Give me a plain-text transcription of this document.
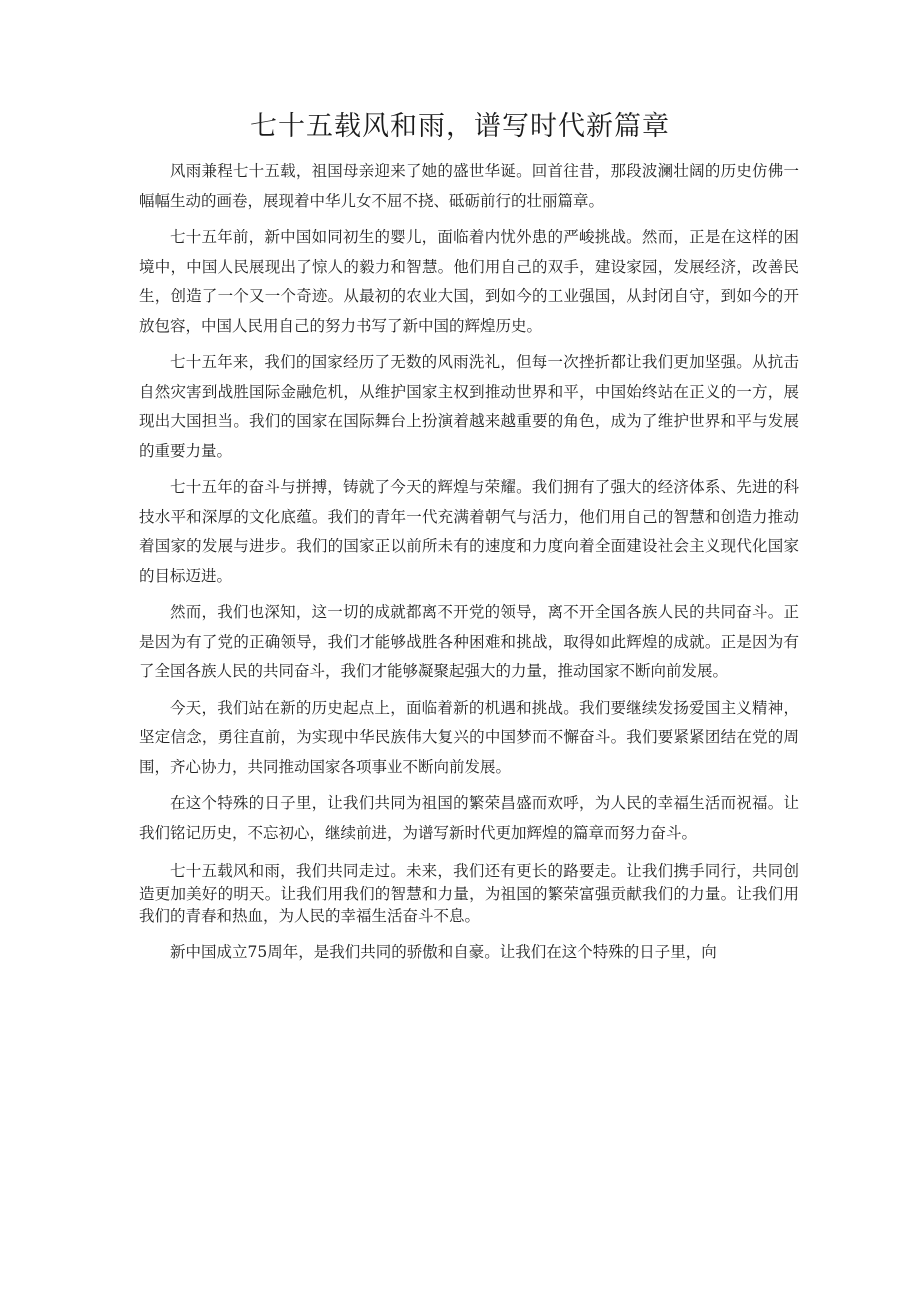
七十五载风和雨，谱写时代新篇章

风雨兼程七十五载，祖国母亲迎来了她的盛世华诞。回首往昔，那段波澜壮阔的历史仿佛一幅幅生动的画卷，展现着中华儿女不屈不挠、砥砺前行的壮丽篇章。

七十五年前，新中国如同初生的婴儿，面临着内忧外患的严峻挑战。然而，正是在这样的困境中，中国人民展现出了惊人的毅力和智慧。他们用自己的双手，建设家园，发展经济，改善民生，创造了一个又一个奇迹。从最初的农业大国，到如今的工业强国，从封闭自守，到如今的开放包容，中国人民用自己的努力书写了新中国的辉煌历史。

七十五年来，我们的国家经历了无数的风雨洗礼，但每一次挫折都让我们更加坚强。从抗击自然灾害到战胜国际金融危机，从维护国家主权到推动世界和平，中国始终站在正义的一方，展现出大国担当。我们的国家在国际舞台上扮演着越来越重要的角色，成为了维护世界和平与发展的重要力量。

七十五年的奋斗与拼搏，铸就了今天的辉煌与荣耀。我们拥有了强大的经济体系、先进的科技水平和深厚的文化底蕴。我们的青年一代充满着朝气与活力，他们用自己的智慧和创造力推动着国家的发展与进步。我们的国家正以前所未有的速度和力度向着全面建设社会主义现代化国家的目标迈进。

然而，我们也深知，这一切的成就都离不开党的领导，离不开全国各族人民的共同奋斗。正是因为有了党的正确领导，我们才能够战胜各种困难和挑战，取得如此辉煌的成就。正是因为有了全国各族人民的共同奋斗，我们才能够凝聚起强大的力量，推动国家不断向前发展。

今天，我们站在新的历史起点上，面临着新的机遇和挑战。我们要继续发扬爱国主义精神，坚定信念，勇往直前，为实现中华民族伟大复兴的中国梦而不懈奋斗。我们要紧紧团结在党的周围，齐心协力，共同推动国家各项事业不断向前发展。

在这个特殊的日子里，让我们共同为祖国的繁荣昌盛而欢呼，为人民的幸福生活而祝福。让我们铭记历史，不忘初心，继续前进，为谱写新时代更加辉煌的篇章而努力奋斗。

七十五载风和雨，我们共同走过。未来，我们还有更长的路要走。让我们携手同行，共同创造更加美好的明天。让我们用我们的智慧和力量，为祖国的繁荣富强贡献我们的力量。让我们用我们的青春和热血，为人民的幸福生活奋斗不息。

新中国成立75周年，是我们共同的骄傲和自豪。让我们在这个特殊的日子里，向
